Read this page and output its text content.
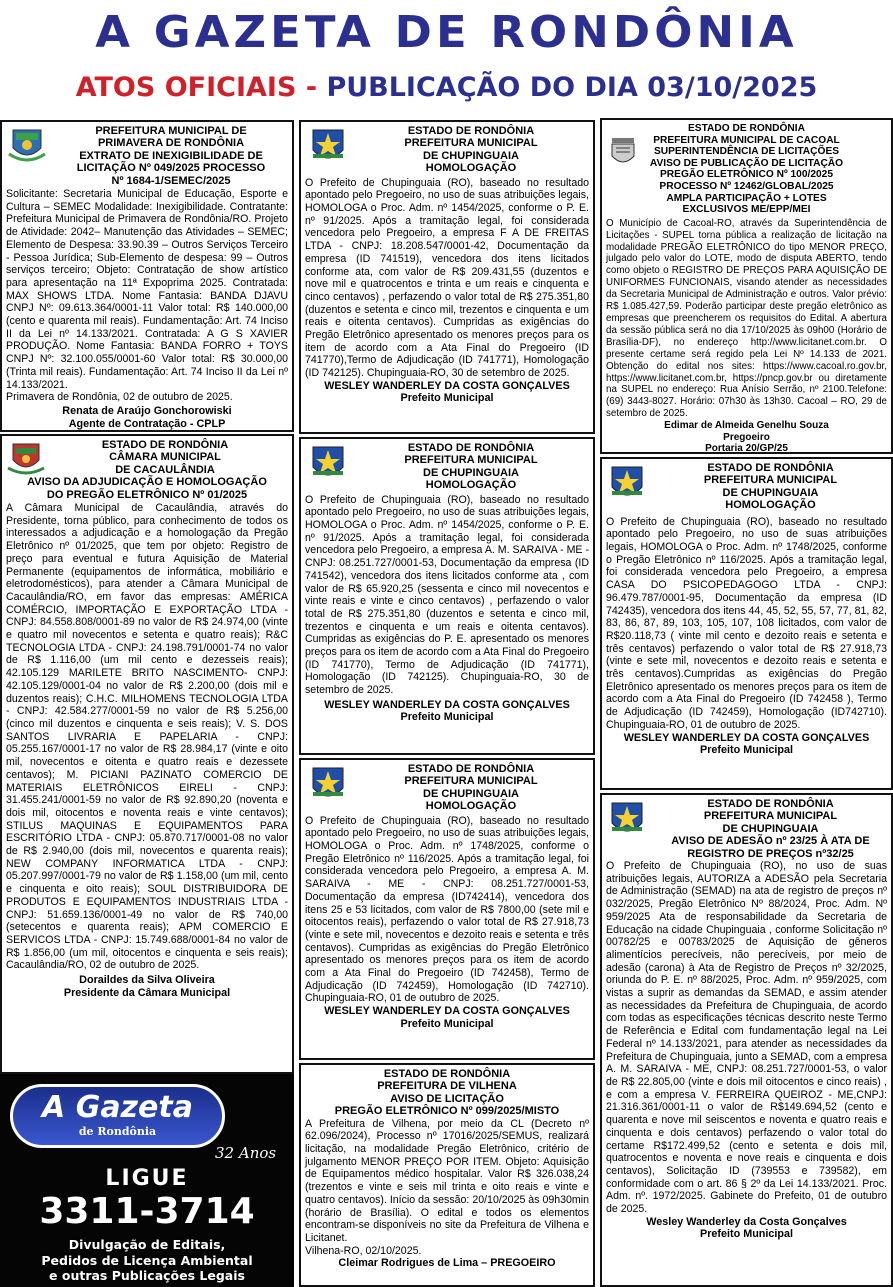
A GAZETA DE RONDÔNIA
ATOS OFICIAIS - PUBLICAÇÃO DO DIA 03/10/2025
PREFEITURA MUNICIPAL DE
PRIMAVERA DE RONDÔNIA
EXTRATO DE INEXIGIBILIDADE DE
LICITAÇÃO Nº 049/2025 PROCESSO
Nº 1684-1/SEMEC/2025
Solicitante: Secretaria Municipal de Educação, Esporte e Cultura – SEMEC Modalidade: Inexigibilidade. Contratante: Prefeitura Municipal de Primavera de Rondônia/RO. Projeto de Atividade: 2042– Manutenção das Atividades – SEMEC; Elemento de Despesa: 33.90.39 – Outros Serviços Terceiro - Pessoa Jurídica; Sub-Elemento de despesa: 99 – Outros serviços terceiro; Objeto: Contratação de show artístico para apresentação na 11ª Expoprima 2025. Contratada: MAX SHOWS LTDA. Nome Fantasia: BANDA DJAVU CNPJ Nº: 09.613.364/0001-11 Valor total: R$ 140.000,00 (cento e quarenta mil reais). Fundamentação: Art. 74 Inciso II da Lei nº 14.133/2021. Contratada: A G S XAVIER PRODUÇÃO. Nome Fantasia: BANDA FORRO + TOYS CNPJ Nº: 32.100.055/0001-60 Valor total: R$ 30.000,00 (Trinta mil reais). Fundamentação: Art. 74 Inciso II da Lei nº 14.133/2021.
Primavera de Rondônia, 02 de outubro de 2025.
Renata de Araújo Gonchorowiski
Agente de Contratação - CPLP
ESTADO DE RONDÔNIA
CÂMARA MUNICIPAL
DE CACAULÂNDIA
AVISO DA ADJUDICAÇÃO E HOMOLOGAÇÃO
DO PREGÃO ELETRÔNICO Nº 01/2025
A Câmara Municipal de Cacaulândia, através do Presidente, torna público, para conhecimento de todos os interessados a adjudicação e a homologação da Pregão Eletrônico nº 01/2025, que tem por objeto: Registro de preço para eventual e futura Aquisição de Material Permanente (equipamentos de informática, mobiliário e eletrodomésticos), para atender a Câmara Municipal de Cacaulândia/RO, em favor das empresas: AMÉRICA COMÉRCIO, IMPORTAÇÃO E EXPORTAÇÃO LTDA - CNPJ: 84.558.808/0001-89 no valor de R$ 24.974,00 (vinte e quatro mil novecentos e setenta e quatro reais); R&C TECNOLOGIA LTDA - CNPJ: 24.198.791/0001-74 no valor de R$ 1.116,00 (um mil cento e dezesseis reais); 42.105.129 MARILETE BRITO NASCIMENTO- CNPJ: 42.105.129/0001-04 no valor de R$ 2.200,00 (dois mil e duzentos reais); C.H.C. MILHOMENS TECNOLOGIA LTDA - CNPJ: 42.584.277/0001-59 no valor de R$ 5.256,00 (cinco mil duzentos e cinquenta e seis reais); V. S. DOS SANTOS LIVRARIA E PAPELARIA - CNPJ: 05.255.167/0001-17 no valor de R$ 28.984,17 (vinte e oito mil, novecentos e oitenta e quatro reais e dezessete centavos); M. PICIANI PAZINATO COMERCIO DE MATERIAIS ELETRÔNICOS EIRELI - CNPJ: 31.455.241/0001-59 no valor de R$ 92.890,20 (noventa e dois mil, oitocentos e noventa reais e vinte centavos); STILUS MAQUINAS E EQUIPAMENTOS PARA ESCRITÓRIO LTDA - CNPJ: 05.870.717/0001-08 no valor de R$ 2.940,00 (dois mil, novecentos e quarenta reais); NEW COMPANY INFORMATICA LTDA - CNPJ: 05.207.997/0001-79 no valor de R$ 1.158,00 (um mil, cento e cinquenta e oito reais); SOUL DISTRIBUIDORA DE PRODUTOS E EQUIPAMENTOS INDUSTRIAIS LTDA - CNPJ: 51.659.136/0001-49 no valor de R$ 740,00 (setecentos e quarenta reais); APM COMERCIO E SERVICOS LTDA - CNPJ: 15.749.688/0001-84 no valor de R$ 1.856,00 (um mil, oitocentos e cinquenta e seis reais); Cacaulândia/RO, 02 de outubro de 2025.
Doraildes da Silva Oliveira
Presidente da Câmara Municipal
A Gazeta
de Rondônia
32 Anos
LIGUE
3311-3714
Divulgação de Editais,
Pedidos de Licença Ambiental
e outras Publicações Legais
ESTADO DE RONDÔNIA
PREFEITURA MUNICIPAL
DE CHUPINGUAIA
HOMOLOGAÇÃO
O Prefeito de Chupinguaia (RO), baseado no resultado apontado pelo Pregoeiro, no uso de suas atribuições legais, HOMOLOGA o Proc. Adm. nº 1454/2025, conforme o P. E. nº 91/2025. Após a tramitação legal, foi considerada vencedora pelo Pregoeiro, a empresa F A DE FREITAS LTDA - CNPJ: 18.208.547/0001-42, Documentação da empresa (ID 741519), vencedora dos itens licitados conforme ata, com valor de R$ 209.431,55 (duzentos e nove mil e quatrocentos e trinta e um reais e cinquenta e cinco centavos) , perfazendo o valor total de R$ 275.351,80 (duzentos e setenta e cinco mil, trezentos e cinquenta e um reais e oitenta centavos). Cumpridas as exigências do Pregão Eletrônico apresentado os menores preços para os item de acordo com a Ata Final do Pregoeiro (ID 741770),Termo de Adjudicação (ID 741771), Homologação (ID 742125). Chupinguaia-RO, 30 de setembro de 2025.
WESLEY WANDERLEY DA COSTA GONÇALVES
Prefeito Municipal
ESTADO DE RONDÔNIA
PREFEITURA MUNICIPAL
DE CHUPINGUAIA
HOMOLOGAÇÃO
O Prefeito de Chupinguaia (RO), baseado no resultado apontado pelo Pregoeiro, no uso de suas atribuições legais, HOMOLOGA o Proc. Adm. nº 1454/2025, conforme o P. E. nº 91/2025. Após a tramitação legal, foi considerada vencedora pelo Pregoeiro, a empresa A. M. SARAIVA - ME - CNPJ: 08.251.727/0001-53, Documentação da empresa (ID 741542), vencedora dos itens licitados conforme ata , com valor de R$ 65.920,25 (sessenta e cinco mil novecentos e vinte reais e vinte e cinco centavos) , perfazendo o valor total de R$ 275.351,80 (duzentos e setenta e cinco mil, trezentos e cinquenta e um reais e oitenta centavos). Cumpridas as exigências do P. E. apresentado os menores preços para os item de acordo com a Ata Final do Pregoeiro (ID 741770), Termo de Adjudicação (ID 741771), Homologação (ID 742125). Chupinguaia-RO, 30 de setembro de 2025.
WESLEY WANDERLEY DA COSTA GONÇALVES
Prefeito Municipal
ESTADO DE RONDÔNIA
PREFEITURA MUNICIPAL
DE CHUPINGUAIA
HOMOLOGAÇÃO
O Prefeito de Chupinguaia (RO), baseado no resultado apontado pelo Pregoeiro, no uso de suas atribuições legais, HOMOLOGA o Proc. Adm. nº 1748/2025, conforme o Pregão Eletrônico nº 116/2025. Após a tramitação legal, foi considerada vencedora pelo Pregoeiro, a empresa A. M. SARAIVA - ME - CNPJ: 08.251.727/0001-53, Documentação da empresa (ID742414), vencedora dos itens 25 e 53 licitados, com valor de R$ 7800,00 (sete mil e oitocentos reais), perfazendo o valor total de R$ 27.918,73 (vinte e sete mil, novecentos e dezoito reais e setenta e três centavos). Cumpridas as exigências do Pregão Eletrônico apresentado os menores preços para os item de acordo com a Ata Final do Pregoeiro (ID 742458), Termo de Adjudicação (ID 742459), Homologação (ID 742710). Chupinguaia-RO, 01 de outubro de 2025.
WESLEY WANDERLEY DA COSTA GONÇALVES
Prefeito Municipal
ESTADO DE RONDÔNIA
PREFEITURA DE VILHENA
AVISO DE LICITAÇÃO
PREGÃO ELETRÔNICO Nº 099/2025/MISTO
A Prefeitura de Vilhena, por meio da CL (Decreto nº 62.096/2024), Processo nº 17016/2025/SEMUS, realizará licitação, na modalidade Pregão Eletrônico, critério de julgamento MENOR PREÇO POR ITEM. Objeto: Aquisição de Equipamentos médico hospitalar. Valor R$ 326.038,24 (trezentos e vinte e seis mil trinta e oito reais e vinte e quatro centavos). Início da sessão: 20/10/2025 às 09h30min (horário de Brasília). O edital e todos os elementos encontram-se disponíveis no site da Prefeitura de Vilhena e Licitanet.
Vilhena-RO, 02/10/2025.
Cleimar Rodrigues de Lima – PREGOEIRO
ESTADO DE RONDÔNIA
PREFEITURA MUNICIPAL DE CACOAL
SUPERINTENDÊNCIA DE LICITAÇÕES
AVISO DE PUBLICAÇÃO DE LICITAÇÃO
PREGÃO ELETRÔNICO Nº 100/2025
PROCESSO Nº 12462/GLOBAL/2025
AMPLA PARTICIPAÇÃO + LOTES
EXCLUSIVOS ME/EPP/MEI
O Município de Cacoal-RO, através da Superintendência de Licitações - SUPEL torna pública a realização de licitação na modalidade PREGÃO ELETRÔNICO do tipo MENOR PREÇO, julgado pelo valor do LOTE, modo de disputa ABERTO, tendo como objeto o REGISTRO DE PREÇOS PARA AQUISIÇÃO DE UNIFORMES FUNCIONAIS, visando atender as necessidades da Secretaria Municipal de Administração e outros. Valor prévio: R$ 1.085.427,59. Poderão participar deste pregão eletrônico as empresas que preencherem os requisitos do Edital. A abertura da sessão pública será no dia 17/10/2025 às 09h00 (Horário de Brasília-DF), no endereço http://www.licitanet.com.br. O presente certame será regido pela Lei Nº 14.133 de 2021. Obtenção do edital nos sites: https://www.cacoal.ro.gov.br, https://www.licitanet.com.br, https://pncp.gov.br ou diretamente na SUPEL no endereço: Rua Anísio Serrão, nº 2100.Telefone:(69) 3443-8027. Horário: 07h30 às 13h30. Cacoal – RO, 29 de setembro de 2025.
Edimar de Almeida Genelhu Souza
Pregoeiro
Portaria 20/GP/25
ESTADO DE RONDÔNIA
PREFEITURA MUNICIPAL
DE CHUPINGUAIA
HOMOLOGAÇÃO
O Prefeito de Chupinguaia (RO), baseado no resultado apontado pelo Pregoeiro, no uso de suas atribuições legais, HOMOLOGA o Proc. Adm. nº 1748/2025, conforme o Pregão Eletrônico nº 116/2025. Após a tramitação legal, foi considerada vencedora pelo Pregoeiro, a empresa CASA DO PSICOPEDAGOGO LTDA - CNPJ: 96.479.787/0001-95, Documentação da empresa (ID 742435), vencedora dos itens 44, 45, 52, 55, 57, 77, 81, 82, 83, 86, 87, 89, 103, 105, 107, 108 licitados, com valor de R$20.118,73 ( vinte mil cento e dezoito reais e setenta e três centavos) perfazendo o valor total de R$ 27.918,73 (vinte e sete mil, novecentos e dezoito reais e setenta e três centavos).Cumpridas as exigências do Pregão Eletrônico apresentado os menores preços para os item de acordo com a Ata Final do Pregoeiro (ID 742458 ), Termo de Adjudicação (ID 742459), Homologação (ID742710). Chupinguaia-RO, 01 de outubro de 2025.
WESLEY WANDERLEY DA COSTA GONÇALVES
Prefeito Municipal
ESTADO DE RONDÔNIA
PREFEITURA MUNICIPAL
DE CHUPINGUAIA
AVISO DE ADESÃO nº 23/25 À ATA DE
REGISTRO DE PREÇOS nº32/25
O Prefeito de Chupinguaia (RO), no uso de suas atribuições legais, AUTORIZA a ADESÃO pela Secretaria de Administração (SEMAD) na ata de registro de preços nº 032/2025, Pregão Eletrônico Nº 88/2024, Proc. Adm. Nº 959/2025 Ata de responsabilidade da Secretaria de Educação na cidade Chupinguaia , conforme Solicitação nº 00782/25 e 00783/2025 de Aquisição de gêneros alimentícios perecíveis, não perecíveis, por meio de adesão (carona) à Ata de Registro de Preços nº 32/2025, oriunda do P. E. nº 88/2025, Proc. Adm. nº 959/2025, com vistas a suprir as demandas da SEMAD, e assim atender as necessidades da Prefeitura de Chupinguaia, de acordo com todas as especificações técnicas descrito neste Termo de Referência e Edital com fundamentação legal na Lei Federal nº 14.133/2021, para atender as necessidades da Prefeitura de Chupinguaia, junto a SEMAD, com a empresa A. M. SARAIVA - ME, CNPJ: 08.251.727/0001-53, o valor de R$ 22.805,00 (vinte e dois mil oitocentos e cinco reais) , e com a empresa V. FERREIRA QUEIROZ - ME,CNPJ: 21.316.361/0001-11 o valor de R$149.694,52 (cento e quarenta e nove mil seiscentos e noventa e quatro reais e cinquenta e dois centavos) perfazendo o valor total do certame R$172.499,52 (cento e setenta e dois mil, quatrocentos e noventa e nove reais e cinquenta e dois centavos), Solicitação ID (739553 e 739582), em conformidade com o art. 86 § 2º da Lei 14.133/2021. Proc. Adm. nº. 1972/2025. Gabinete do Prefeito, 01 de outubro de 2025.
Wesley Wanderley da Costa Gonçalves
Prefeito Municipal
